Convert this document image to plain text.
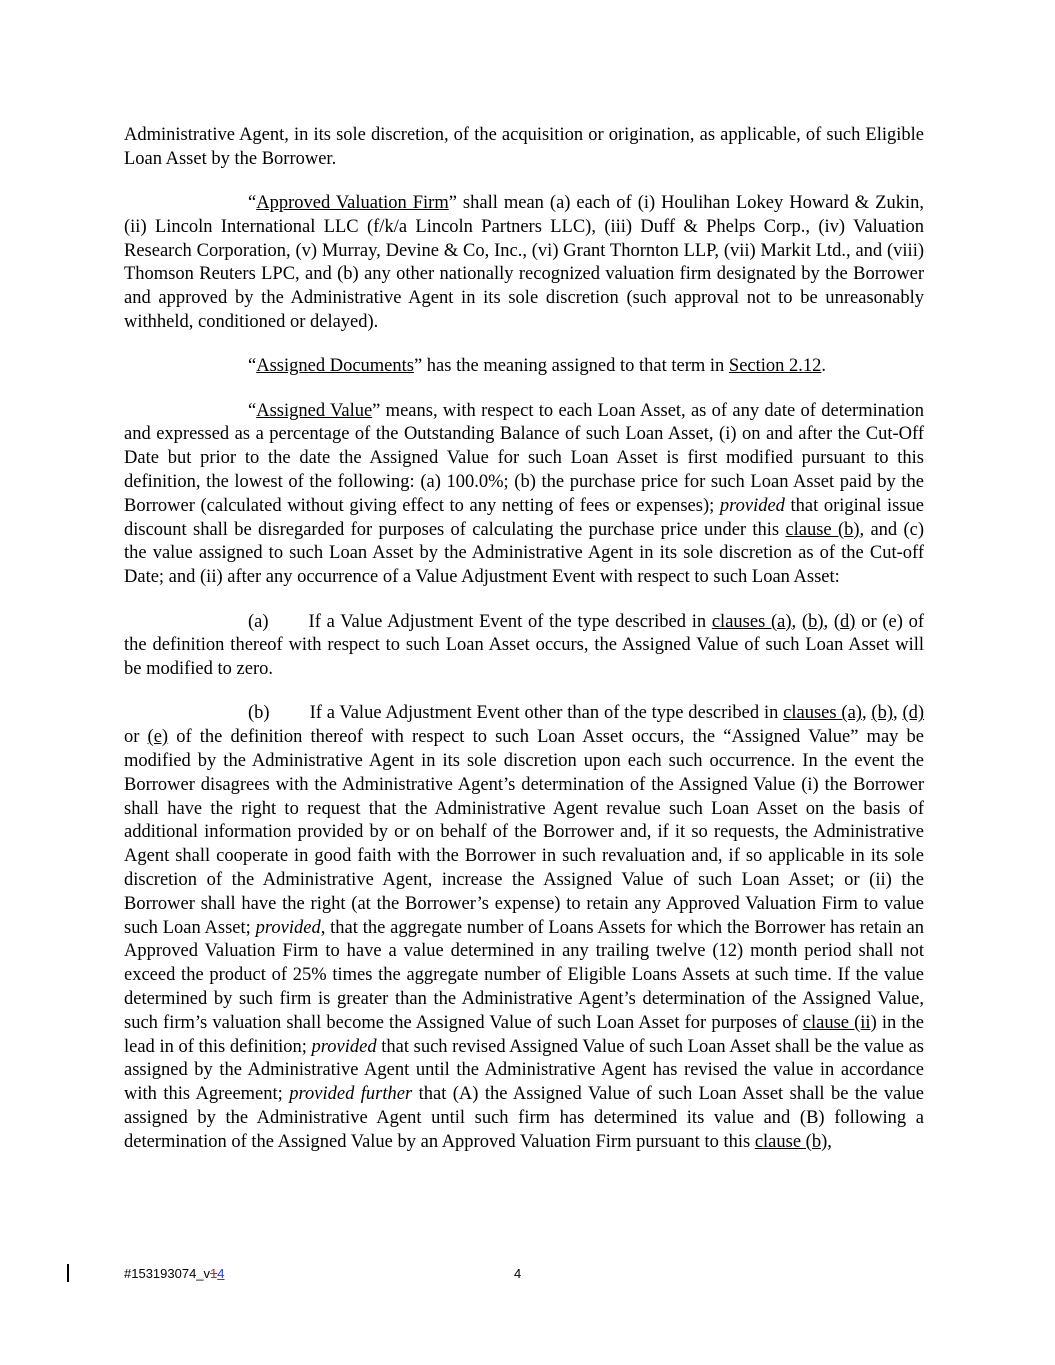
Administrative Agent, in its sole discretion, of the acquisition or origination, as applicable, of such Eligible Loan Asset by the Borrower.

“Approved Valuation Firm” shall mean (a) each of (i) Houlihan Lokey Howard & Zukin, (ii) Lincoln International LLC (f/k/a Lincoln Partners LLC), (iii) Duff & Phelps Corp., (iv) Valuation Research Corporation, (v) Murray, Devine & Co, Inc., (vi) Grant Thornton LLP, (vii) Markit Ltd., and (viii) Thomson Reuters LPC, and (b) any other nationally recognized valuation firm designated by the Borrower and approved by the Administrative Agent in its sole discretion (such approval not to be unreasonably withheld, conditioned or delayed).

“Assigned Documents” has the meaning assigned to that term in Section 2.12.

“Assigned Value” means, with respect to each Loan Asset, as of any date of determination and expressed as a percentage of the Outstanding Balance of such Loan Asset, (i) on and after the Cut-Off Date but prior to the date the Assigned Value for such Loan Asset is first modified pursuant to this definition, the lowest of the following: (a) 100.0%; (b) the purchase price for such Loan Asset paid by the Borrower (calculated without giving effect to any netting of fees or expenses); provided that original issue discount shall be disregarded for purposes of calculating the purchase price under this clause (b), and (c) the value assigned to such Loan Asset by the Administrative Agent in its sole discretion as of the Cut-off Date; and (ii) after any occurrence of a Value Adjustment Event with respect to such Loan Asset:

(a) If a Value Adjustment Event of the type described in clauses (a), (b), (d) or (e) of the definition thereof with respect to such Loan Asset occurs, the Assigned Value of such Loan Asset will be modified to zero.

(b) If a Value Adjustment Event other than of the type described in clauses (a), (b), (d) or (e) of the definition thereof with respect to such Loan Asset occurs, the “Assigned Value” may be modified by the Administrative Agent in its sole discretion upon each such occurrence. In the event the Borrower disagrees with the Administrative Agent’s determination of the Assigned Value (i) the Borrower shall have the right to request that the Administrative Agent revalue such Loan Asset on the basis of additional information provided by or on behalf of the Borrower and, if it so requests, the Administrative Agent shall cooperate in good faith with the Borrower in such revaluation and, if so applicable in its sole discretion of the Administrative Agent, increase the Assigned Value of such Loan Asset; or (ii) the Borrower shall have the right (at the Borrower’s expense) to retain any Approved Valuation Firm to value such Loan Asset; provided, that the aggregate number of Loans Assets for which the Borrower has retain an Approved Valuation Firm to have a value determined in any trailing twelve (12) month period shall not exceed the product of 25% times the aggregate number of Eligible Loans Assets at such time. If the value determined by such firm is greater than the Administrative Agent’s determination of the Assigned Value, such firm’s valuation shall become the Assigned Value of such Loan Asset for purposes of clause (ii) in the lead in of this definition; provided that such revised Assigned Value of such Loan Asset shall be the value as assigned by the Administrative Agent until the Administrative Agent has revised the value in accordance with this Agreement; provided further that (A) the Assigned Value of such Loan Asset shall be the value assigned by the Administrative Agent until such firm has determined its value and (B) following a determination of the Assigned Value by an Approved Valuation Firm pursuant to this clause (b),

#153193074_v14	4
